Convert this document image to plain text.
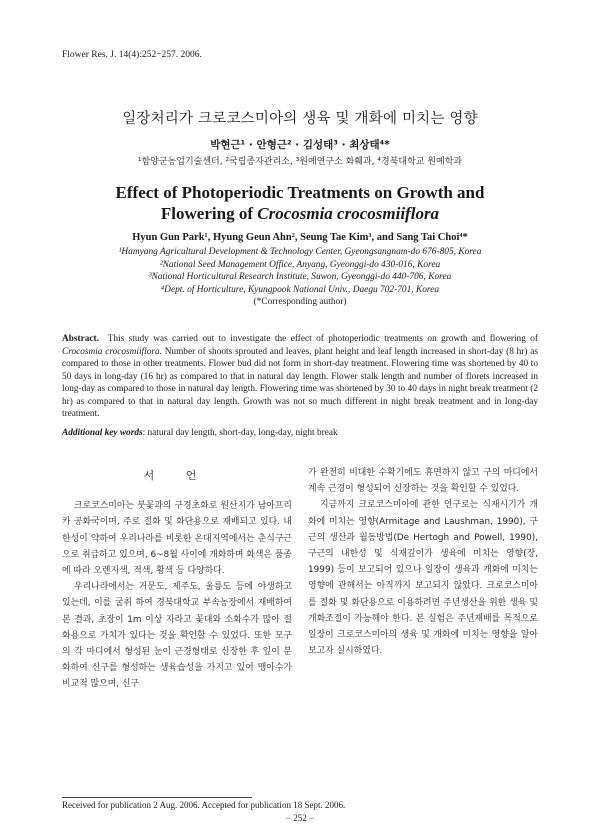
Flower Res. J. 14(4):252−257. 2006.
일장처리가 크로코스미아의 생육 및 개화에 미치는 영향
박현근¹ · 안형근² · 김성태³ · 최상태⁴*
¹함양군농업기술센터, ²국립종자관리소, ³원예연구소 화훼과, ⁴경북대학교 원예학과
Effect of Photoperiodic Treatments on Growth and
Flowering of Crocosmia crocosmiiflora
Hyun Gun Park¹, Hyung Geun Ahn², Seung Tae Kim³, and Sang Tai Choi⁴*
¹Hamyang Agricultural Development & Technology Center, Gyeongsangnam-do 676-805, Korea
²National Seed Management Office, Anyang, Gyeonggi-do 430-016, Korea
³National Horticultural Research Institute, Suwon, Gyeonggi-do 440-706, Korea
⁴Dept. of Horticulture, Kyungpook National Univ., Daegu 702-701, Korea
(*Corresponding author)
Abstract. This study was carried out to investigate the effect of photoperiodic treatments on growth and flowering of Crocosmia crocosmiiflora. Number of shoots sprouted and leaves, plant height and leaf length increased in short-day (8 hr) as compared to those in other treatments. Flower bud did not form in short-day treatment. Flowering time was shortened by 40 to 50 days in long-day (16 hr) as compared to that in natural day length. Flower stalk length and number of florets increased in long-day as compared to those in natural day length. Flowering time was shortened by 30 to 40 days in night break treatment (2 hr) as compared to that in natural day length. Growth was not so much different in night break treatment and in long-day treatment.
Additional key words: natural day length, short-day, long-day, night break

서 언

크로코스미아는 붓꽃과의 구경초화로 원산지가 남아프리카 공화국이며, 주로 절화 및 화단용으로 재배되고 있다. 내한성이 약하여 우리나라를 비롯한 온대지역에서는 춘식구근으로 취급하고 있으며, 6~8월 사이에 개화하며 화색은 품종에 따라 오렌지색, 적색, 황색 등 다양하다.

우리나라에서는 거문도, 제주도, 울릉도 등에 야생하고 있는데, 이를 굴취 하여 경북대학교 부속농장에서 재배하여 본 결과, 초장이 1m 이상 자라고 꽃대와 소화수가 많아 절화용으로 가치가 있다는 것을 확인할 수 있었다. 또한 모구의 각 마디에서 형성된 눈이 근경형태로 신장한 후 잎이 분화하여 신구를 형성하는 생육습성을 가지고 있어 맹아수가 비교적 많으며, 신구

가 완전히 비대한 수확기에도 휴면하지 않고 구의 마디에서 계속 근경이 형성되어 신장하는 것을 확인할 수 있었다.

지금까지 크로코스미아에 관한 연구로는 식재시기가 개화에 미치는 영향(Armitage and Laushman, 1990), 구근의 생산과 월동방법(De Hertogh and Powell, 1990), 구근의 내한성 및 식재깊이가 생육에 미치는 영향(장, 1999) 등이 보고되어 있으나 일장이 생육과 개화에 미치는 영향에 관해서는 아직까지 보고되지 않았다. 크로코스미아를 절화 및 화단용으로 이용하려면 주년생산을 위한 생육 및 개화조절이 가능해야 한다. 본 실험은 주년재배를 목적으로 일장이 크로코스미아의 생육 및 개화에 미치는 영향을 알아보고자 실시하였다.

Received for publication 2 Aug. 2006. Accepted for publication 18 Sept. 2006.
− 252 −
